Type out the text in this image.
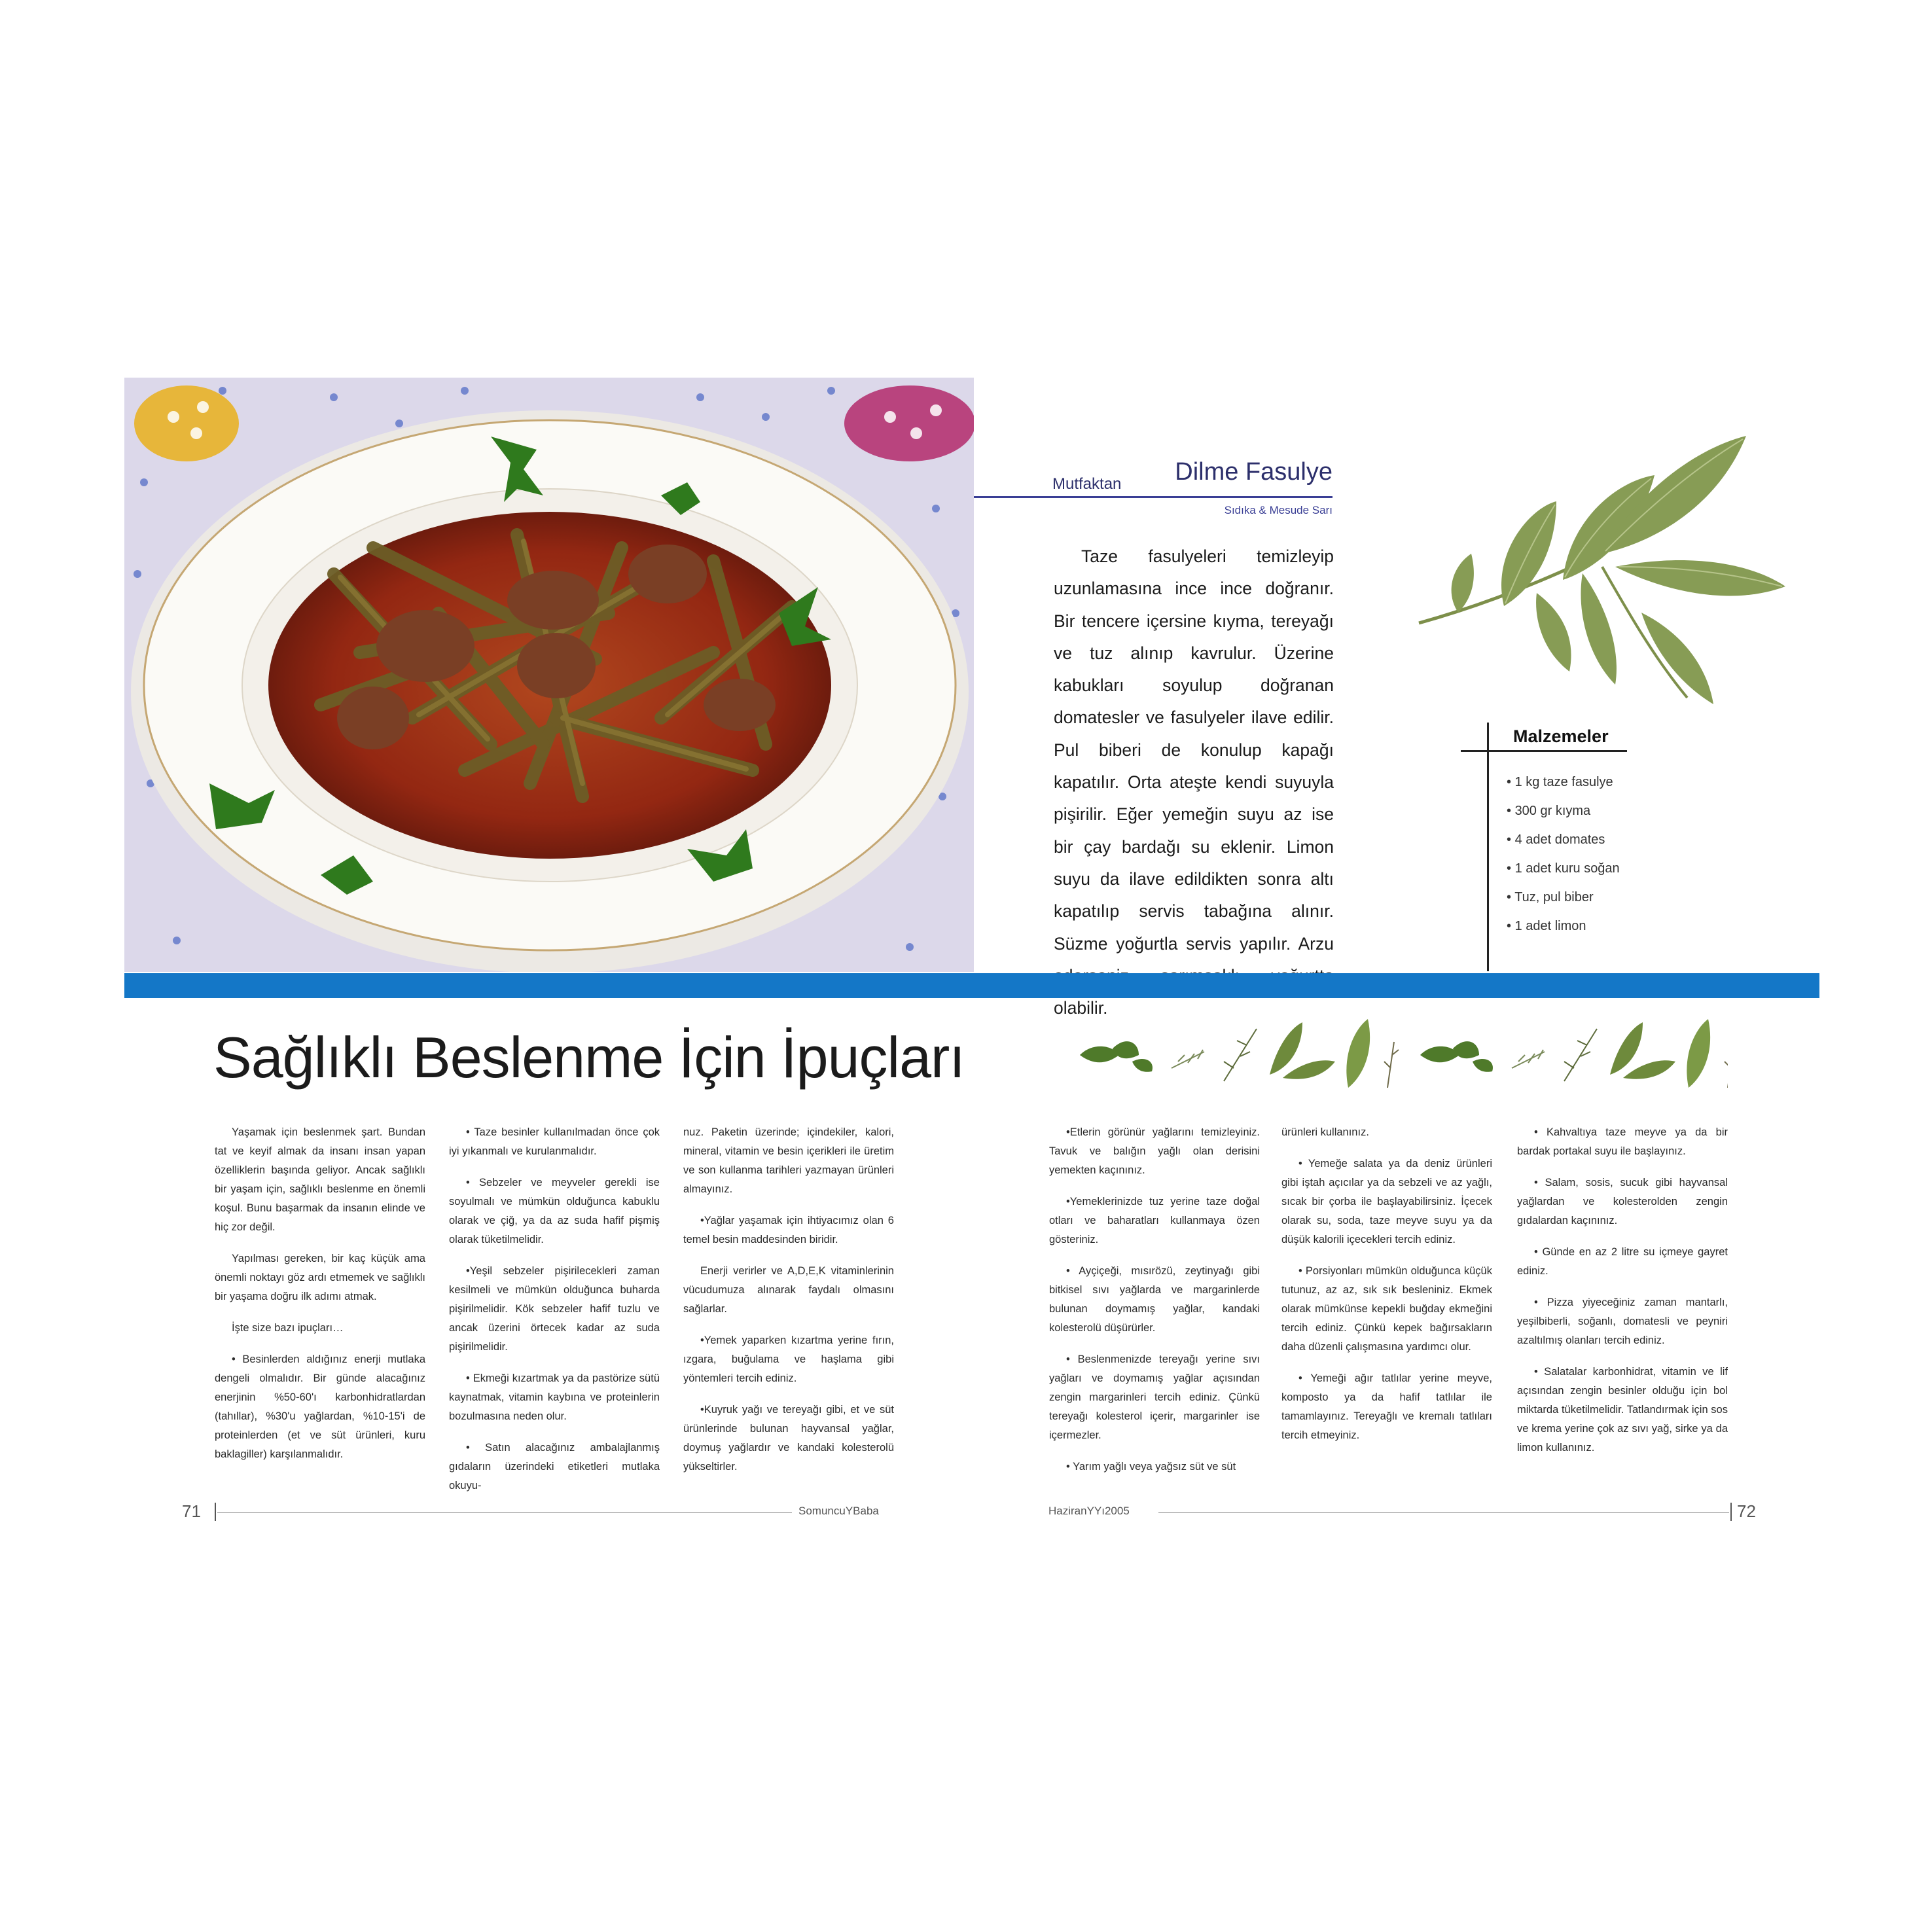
Mutfaktan	Dilme Fasulye
Sıdıka & Mesude Sarı
Taze fasulyeleri temizleyip uzunlamasına ince ince doğranır. Bir tencere içersine kıyma, tereyağı ve tuz alınıp kavrulur. Üzerine kabukları soyulup doğranan domatesler ve fasulyeler ilave edilir. Pul biberi de konulup kapağı kapatılır. Orta ateşte kendi suyuyla pişirilir. Eğer yemeğin suyu az ise bir çay bardağı su eklenir. Limon suyu da ilave edildikten sonra altı kapatılıp servis tabağına alınır. Süzme yoğurtla servis yapılır. Arzu olabilir.
Malzemeler
• 1 kg taze fasulye
• 300 gr kıyma
• 4 adet domates
• 1 adet kuru soğan
• Tuz, pul biber
• 1 adet limon
Sağlıklı Beslenme İçin İpuçları

Yaşamak için beslenmek şart. Bundan tat ve keyif almak da insanı insan yapan özelliklerin başında geliyor. Ancak sağlıklı bir yaşam için, sağlıklı beslenme en önemli koşul. Bunu başarmak da insanın elinde ve hiç zor değil.

Yapılması gereken, bir kaç küçük ama önemli noktayı göz ardı etmemek ve sağlıklı bir yaşama doğru ilk adımı atmak.

İşte size bazı ipuçları…

• Besinlerden aldığınız enerji mutlaka dengeli olmalıdır. Bir günde alacağınız enerjinin %50-60'ı karbonhidratlardan (tahıllar), %30'u yağlardan, %10-15'i de proteinlerden (et ve süt ürünleri, kuru baklagiller) karşılanmalıdır.

• Taze besinler kullanılmadan önce çok iyi yıkanmalı ve kurulanmalıdır.

• Sebzeler ve meyveler gerekli ise soyulmalı ve mümkün olduğunca kabuklu olarak ve çiğ, ya da az suda hafif pişmiş olarak tüketilmelidir.

•Yeşil sebzeler pişirilecekleri zaman kesilmeli ve mümkün olduğunca buharda pişirilmelidir. Kök sebzeler hafif tuzlu ve ancak üzerini örtecek kadar az suda pişirilmelidir.

• Ekmeği kızartmak ya da pastörize sütü kaynatmak, vitamin kaybına ve proteinlerin bozulmasına neden olur.

• Satın alacağınız ambalajlanmış gıdaların üzerindeki etiketleri mutlaka okuyu-

nuz. Paketin üzerinde; içindekiler, kalori, mineral, vitamin ve besin içerikleri ile üretim ve son kullanma tarihleri yazmayan ürünleri almayınız.

•Yağlar yaşamak için ihtiyacımız olan 6 temel besin maddesinden biridir.

Enerji verirler ve A,D,E,K vitaminlerinin vücudumuza alınarak faydalı olmasını sağlarlar.

•Yemek yaparken kızartma yerine fırın, ızgara, buğulama ve haşlama gibi yöntemleri tercih ediniz.

•Kuyruk yağı ve tereyağı gibi, et ve süt ürünlerinde bulunan hayvansal yağlar, doymuş yağlardır ve kandaki kolesterolü yükseltirler.

•Etlerin görünür yağlarını temizleyiniz. Tavuk ve balığın yağlı olan derisini yemekten kaçınınız.

•Yemeklerinizde tuz yerine taze doğal otları ve baharatları kullanmaya özen gösteriniz.

• Ayçiçeği, mısırözü, zeytinyağı gibi bitkisel sıvı yağlarda ve margarinlerde bulunan doymamış yağlar, kandaki kolesterolü düşürürler.

• Beslenmenizde tereyağı yerine sıvı yağları ve doymamış yağlar açısından zengin margarinleri tercih ediniz. Çünkü tereyağı kolesterol içerir, margarinler ise içermezler.

• Yarım yağlı veya yağsız süt ve süt

ürünleri kullanınız.

• Yemeğe salata ya da deniz ürünleri gibi iştah açıcılar ya da sebzeli ve az yağlı, sıcak bir çorba ile başlayabilirsiniz. İçecek olarak su, soda, taze meyve suyu ya da düşük kalorili içecekleri tercih ediniz.

• Porsiyonları mümkün olduğunca küçük tutunuz, az az, sık sık besleniniz. Ekmek olarak mümkünse kepekli buğday ekmeğini tercih ediniz. Çünkü kepek bağırsakların daha düzenli çalışmasına yardımcı olur.

• Yemeği ağır tatlılar yerine meyve, komposto ya da hafif tatlılar ile tamamlayınız. Tereyağlı ve kremalı tatlıları tercih etmeyiniz.

• Kahvaltıya taze meyve ya da bir bardak portakal suyu ile başlayınız.

• Salam, sosis, sucuk gibi hayvansal yağlardan ve kolesterolden zengin gıdalardan kaçınınız.

• Günde en az 2 litre su içmeye gayret ediniz.

• Pizza yiyeceğiniz zaman mantarlı, yeşilbiberli, soğanlı, domatesli ve peyniri azaltılmış olanları tercih ediniz.

• Salatalar karbonhidrat, vitamin ve lif açısından zengin besinler olduğu için bol miktarda tüketilmelidir. Tatlandırmak için sos ve krema yerine çok az sıvı yağ, sirke ya da limon kullanınız.

71	SomuncuYBaba	HaziranYYı2005	72
